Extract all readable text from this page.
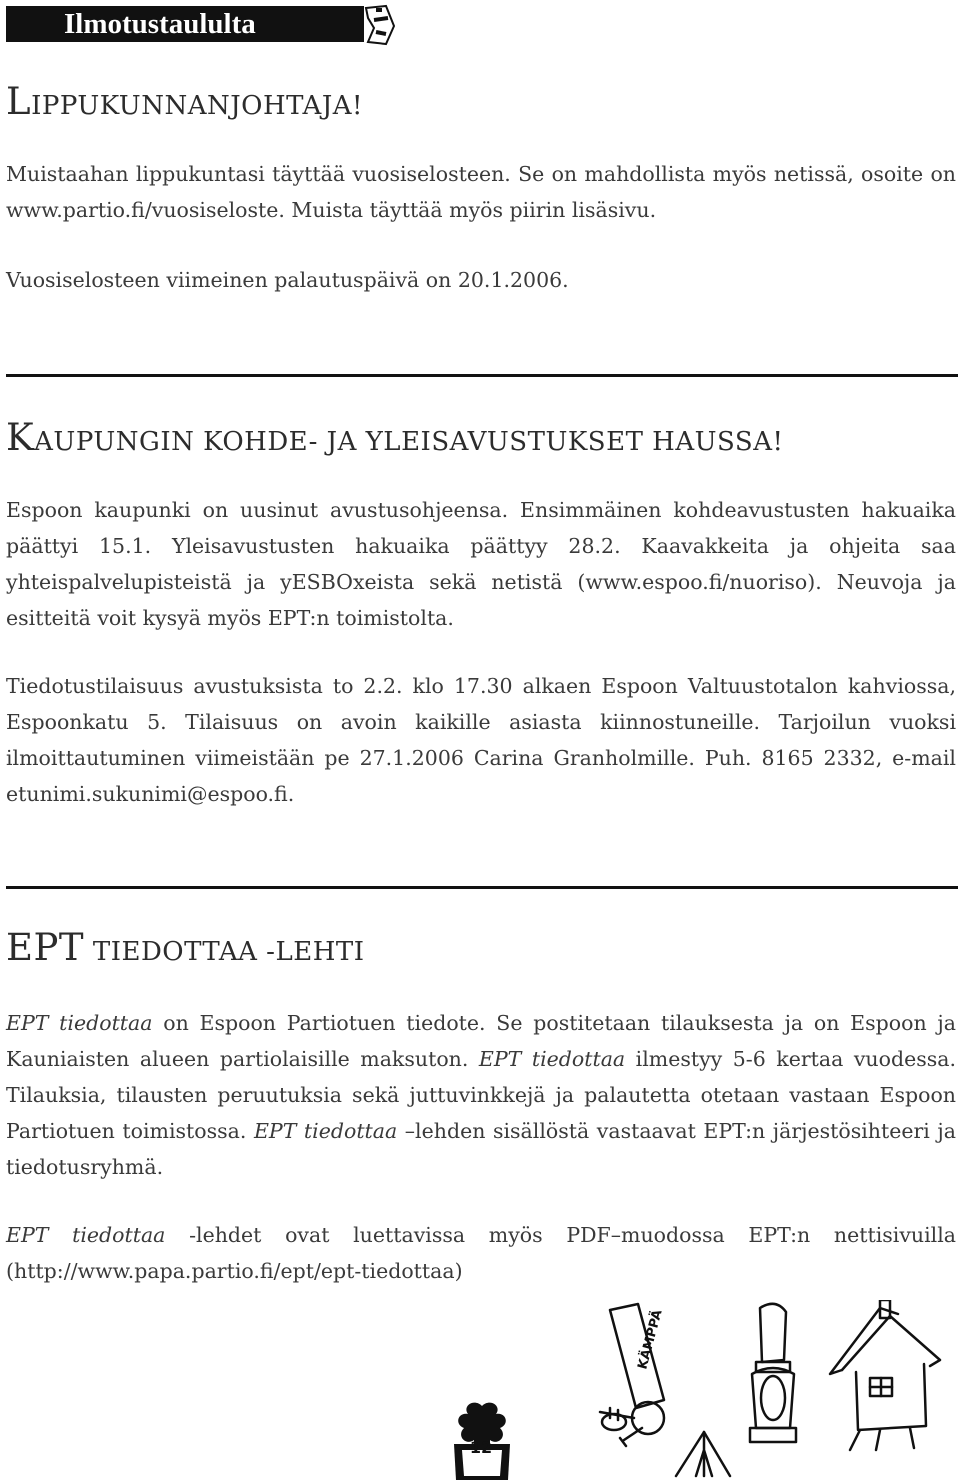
Ilmotustaululta
LIPPUKUNNANJOHTAJA!

Muistaahan lippukuntasi täyttää vuosiselosteen. Se on mahdollista myös netissä, osoite on www.partio.fi/vuosiseloste. Muista täyttää myös piirin lisäsivu.

Vuosiselosteen viimeinen palautuspäivä on 20.1.2006.

KAUPUNGIN KOHDE- JA YLEISAVUSTUKSET HAUSSA!

Espoon kaupunki on uusinut avustusohjeensa. Ensimmäinen kohdeavustusten hakuaika päättyi 15.1. Yleisavustusten hakuaika päättyy 28.2. Kaavakkeita ja ohjeita saa yhteispalvelupisteistä ja yESBOxeista sekä netistä (www.espoo.fi/nuoriso). Neuvoja ja esitteitä voit kysyä myös EPT:n toimistolta.

Tiedotustilaisuus avustuksista to 2.2. klo 17.30 alkaen Espoon Valtuustotalon kahviossa, Espoonkatu 5. Tilaisuus on avoin kaikille asiasta kiinnostuneille. Tarjoilun vuoksi ilmoittautuminen viimeistään pe 27.1.2006 Carina Granholmille. Puh. 8165 2332, e-mail etunimi.sukunimi@espoo.fi.

EPT TIEDOTTAA -LEHTI

EPT tiedottaa on Espoon Partiotuen tiedote. Se postitetaan tilauksesta ja on Espoon ja Kauniaisten alueen partiolaisille maksuton. EPT tiedottaa ilmestyy 5-6 kertaa vuodessa. Tilauksia, tilausten peruutuksia sekä juttuvinkkejä ja palautetta otetaan vastaan Espoon Partiotuen toimistossa. EPT tiedottaa –lehden sisällöstä vastaavat EPT:n järjestösihteeri ja tiedotusryhmä.

EPT tiedottaa -lehdet ovat luettavissa myös PDF–muodossa EPT:n nettisivuilla (http://www.papa.partio.fi/ept/ept-tiedottaa)

KÄMPPÄ
12
